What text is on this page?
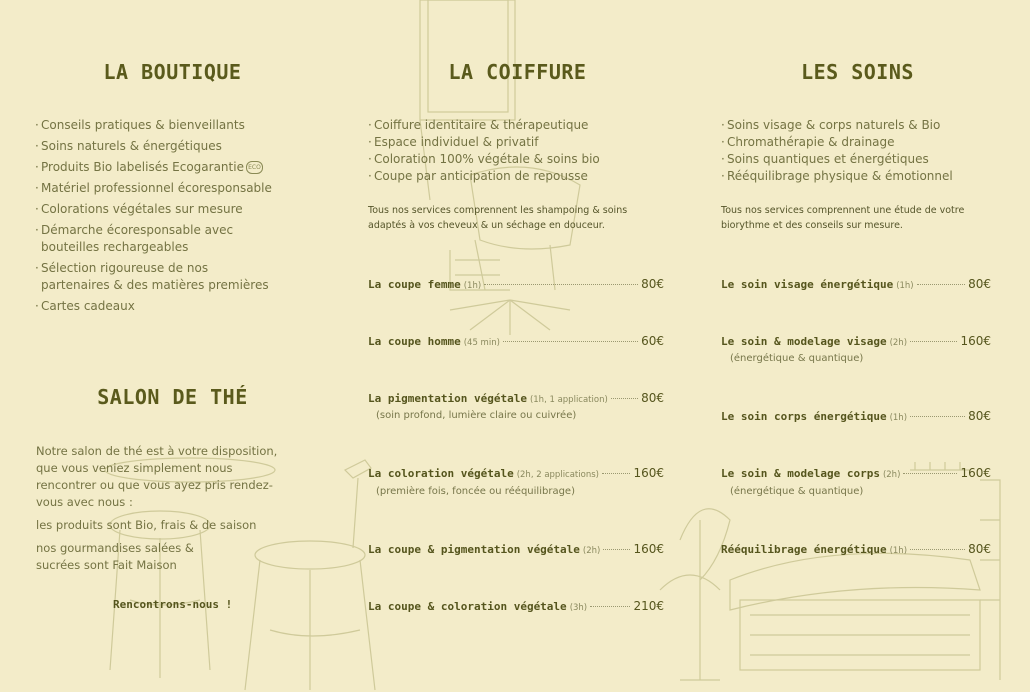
LA BOUTIQUE
· Conseils pratiques & bienveillants
· Soins naturels & énergétiques
· Produits Bio labelisés Ecogarantie ECO
· Matériel professionnel écoresponsable
· Colorations végétales sur mesure
· Démarche écoresponsable avec bouteilles rechargeables
· Sélection rigoureuse de nos partenaires & des matières premières
· Cartes cadeaux
SALON DE THÉ

Notre salon de thé est à votre disposition, que vous veniez simplement nous rencontrer ou que vous ayez pris rendez-vous avec nous :

les produits sont Bio, frais & de saison

nos gourmandises salées & sucrées sont Fait Maison

Rencontrons-nous !
LA COIFFURE
· Coiffure identitaire & thérapeutique
· Espace individuel & privatif
· Coloration 100% végétale & soins bio
· Coupe par anticipation de repousse
Tous nos services comprennent les shampoing & soins adaptés à vos cheveux & un séchage en douceur.
La coupe femme (1h)	80€
La coupe homme (45 min)	60€
La pigmentation végétale (1h, 1 application)	80€
(soin profond, lumière claire ou cuivrée)
La coloration végétale (2h, 2 applications)	160€
(première fois, foncée ou rééquilibrage)
La coupe & pigmentation végétale (2h)	160€
La coupe & coloration végétale (3h)	210€
LES SOINS
· Soins visage & corps naturels & Bio
· Chromathérapie & drainage
· Soins quantiques et énergétiques
· Rééquilibrage physique & émotionnel
Tous nos services comprennent une étude de votre biorythme et des conseils sur mesure.
Le soin visage énergétique (1h)	80€
Le soin & modelage visage (2h)	160€
(énergétique & quantique)
Le soin corps énergétique (1h)	80€
Le soin & modelage corps (2h)	160€
(énergétique & quantique)
Rééquilibrage énergétique (1h)	80€
